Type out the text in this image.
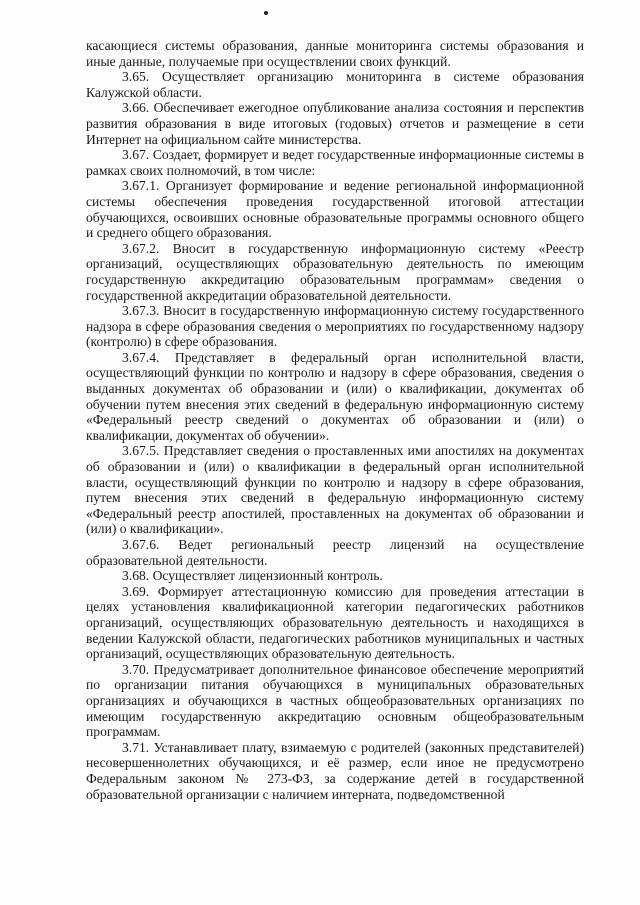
касающиеся системы образования, данные мониторинга системы образования и иные данные, получаемые при осуществлении своих функций.

3.65. Осуществляет организацию мониторинга в системе образования Калужской области.

3.66. Обеспечивает ежегодное опубликование анализа состояния и перспектив развития образования в виде итоговых (годовых) отчетов и размещение в сети Интернет на официальном сайте министерства.

3.67. Создает, формирует и ведет государственные информационные системы в рамках своих полномочий, в том числе:

3.67.1. Организует формирование и ведение региональной информационной системы обеспечения проведения государственной итоговой аттестации обучающихся, освоивших основные образовательные программы основного общего и среднего общего образования.

3.67.2. Вносит в государственную информационную систему «Реестр организаций, осуществляющих образовательную деятельность по имеющим государственную аккредитацию образовательным программам» сведения о государственной аккредитации образовательной деятельности.

3.67.3. Вносит в государственную информационную систему государственного надзора в сфере образования сведения о мероприятиях по государственному надзору (контролю) в сфере образования.

3.67.4. Представляет в федеральный орган исполнительной власти, осуществляющий функции по контролю и надзору в сфере образования, сведения о выданных документах об образовании и (или) о квалификации, документах об обучении путем внесения этих сведений в федеральную информационную систему «Федеральный реестр сведений о документах об образовании и (или) о квалификации, документах об обучении».

3.67.5. Представляет сведения о проставленных ими апостилях на документах об образовании и (или) о квалификации в федеральный орган исполнительной власти, осуществляющий функции по контролю и надзору в сфере образования, путем внесения этих сведений в федеральную информационную систему «Федеральный реестр апостилей, проставленных на документах об образовании и (или) о квалификации».

3.67.6. Ведет региональный реестр лицензий на осуществление образовательной деятельности.

3.68. Осуществляет лицензионный контроль.

3.69. Формирует аттестационную комиссию для проведения аттестации в целях установления квалификационной категории педагогических работников организаций, осуществляющих образовательную деятельность и находящихся в ведении Калужской области, педагогических работников муниципальных и частных организаций, осуществляющих образовательную деятельность.

3.70. Предусматривает дополнительное финансовое обеспечение мероприятий по организации питания обучающихся в муниципальных образовательных организациях и обучающихся в частных общеобразовательных организациях по имеющим государственную аккредитацию основным общеобразовательным программам.

3.71. Устанавливает плату, взимаемую с родителей (законных представителей) несовершеннолетних обучающихся, и её размер, если иное не предусмотрено Федеральным законом № 273-ФЗ, за содержание детей в государственной образовательной организации с наличием интерната, подведомственной
